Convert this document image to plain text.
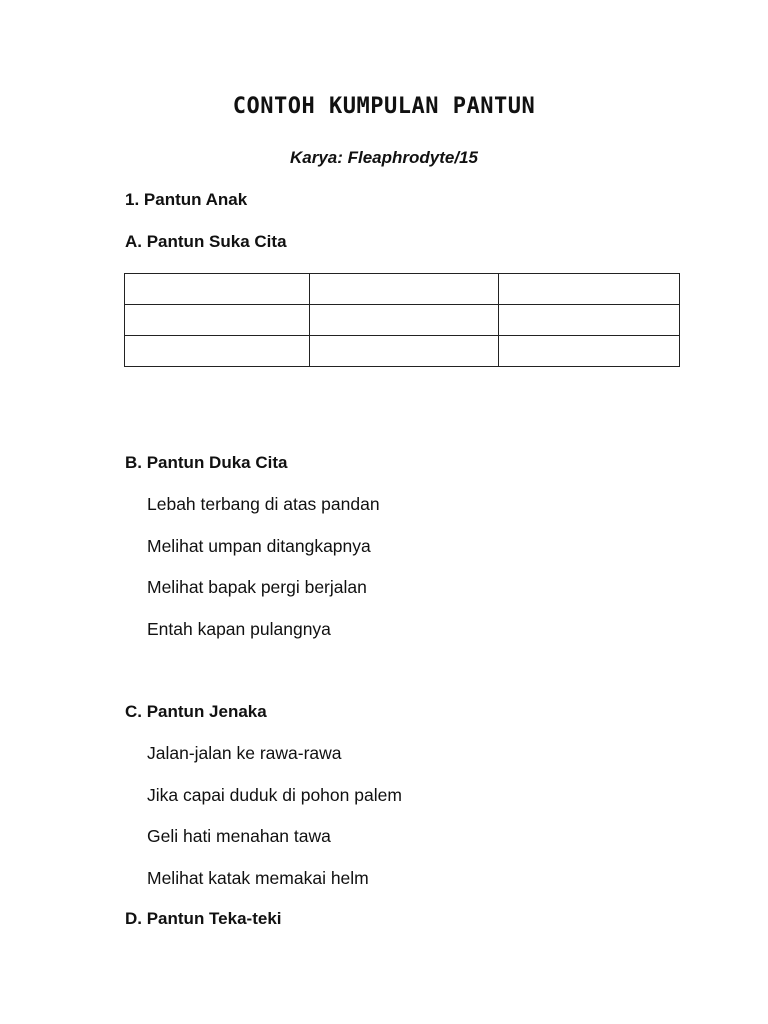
CONTOH KUMPULAN PANTUN
Karya: Fleaphrodyte/15
1. Pantun Anak
A. Pantun Suka Cita

B. Pantun Duka Cita
Lebah terbang di atas pandan
Melihat umpan ditangkapnya
Melihat bapak pergi berjalan
Entah kapan pulangnya
C. Pantun Jenaka
Jalan-jalan ke rawa-rawa
Jika capai duduk di pohon palem
Geli hati menahan tawa
Melihat katak memakai helm
D. Pantun Teka-teki
